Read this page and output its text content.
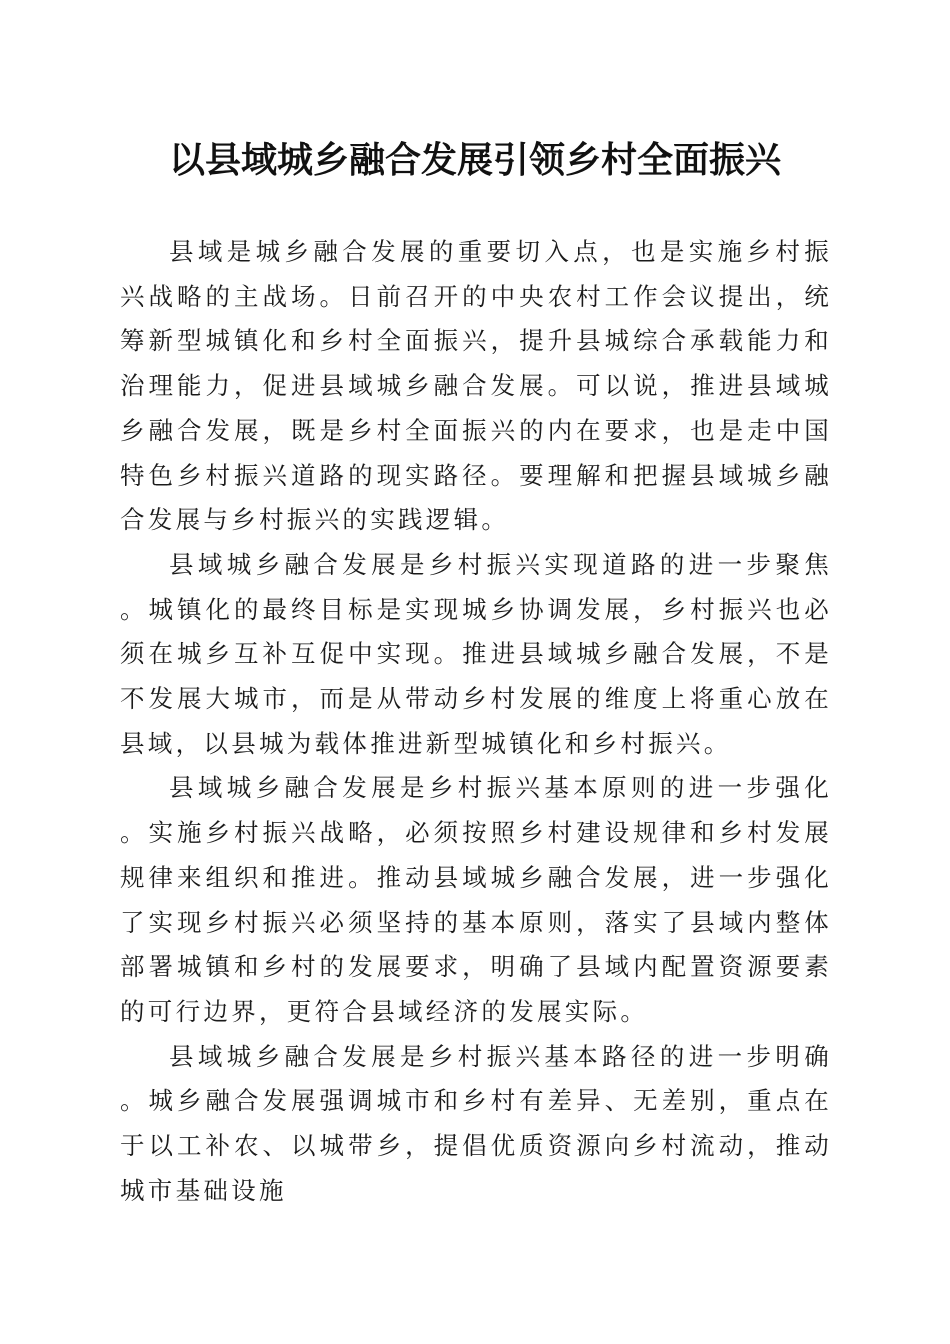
以县域城乡融合发展引领乡村全面振兴

县域是城乡融合发展的重要切入点，也是实施乡村振兴战略的主战场。日前召开的中央农村工作会议提出，统筹新型城镇化和乡村全面振兴，提升县城综合承载能力和治理能力，促进县域城乡融合发展。可以说，推进县域城乡融合发展，既是乡村全面振兴的内在要求，也是走中国特色乡村振兴道路的现实路径。要理解和把握县域城乡融合发展与乡村振兴的实践逻辑。

县域城乡融合发展是乡村振兴实现道路的进一步聚焦。城镇化的最终目标是实现城乡协调发展，乡村振兴也必须在城乡互补互促中实现。推进县域城乡融合发展，不是不发展大城市，而是从带动乡村发展的维度上将重心放在县域，以县城为载体推进新型城镇化和乡村振兴。

县域城乡融合发展是乡村振兴基本原则的进一步强化。实施乡村振兴战略，必须按照乡村建设规律和乡村发展规律来组织和推进。推动县域城乡融合发展，进一步强化了实现乡村振兴必须坚持的基本原则，落实了县域内整体部署城镇和乡村的发展要求，明确了县域内配置资源要素的可行边界，更符合县域经济的发展实际。

县域城乡融合发展是乡村振兴基本路径的进一步明确。城乡融合发展强调城市和乡村有差异、无差别，重点在于以工补农、以城带乡，提倡优质资源向乡村流动，推动城市基础设施
